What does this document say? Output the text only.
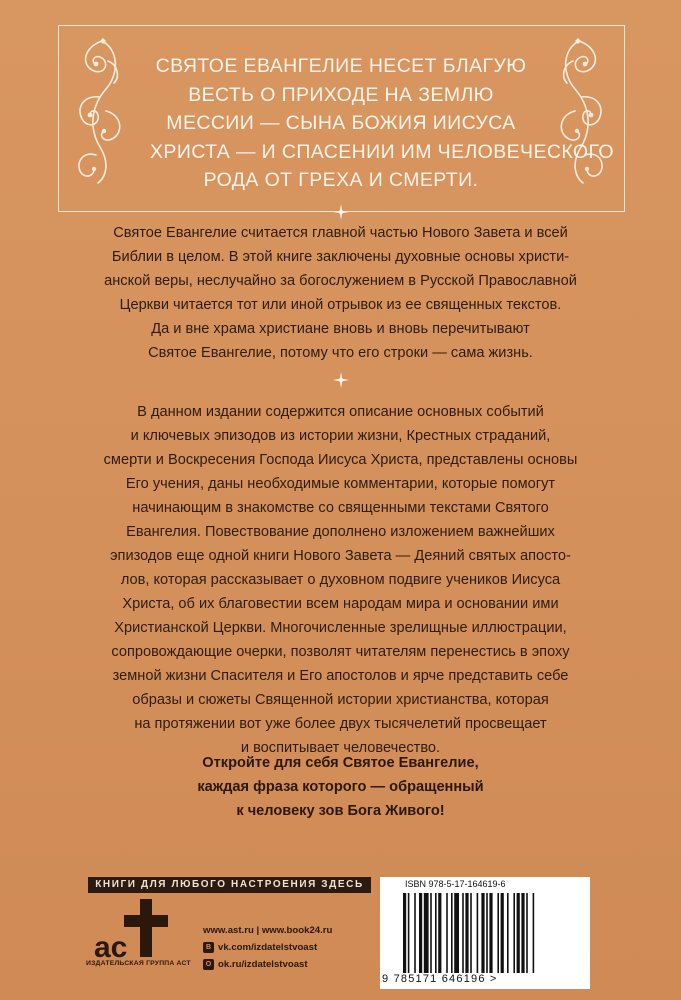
СВЯТОЕ ЕВАНГЕЛИЕ НЕСЕТ БЛАГУЮ
ВЕСТЬ О ПРИХОДЕ НА ЗЕМЛЮ
МЕССИИ — СЫНА БОЖИЯ ИИСУСА
ХРИСТА — И СПАСЕНИИ ИМ ЧЕЛОВЕЧЕСКОГО
РОДА ОТ ГРЕХА И СМЕРТИ.
Святое Евангелие считается главной частью Нового Завета и всей
Библии в целом. В этой книге заключены духовные основы христи-
анской веры, неслучайно за богослужением в Русской Православной
Церкви читается тот или иной отрывок из ее священных текстов.
Да и вне храма христиане вновь и вновь перечитывают
Святое Евангелие, потому что его строки — сама жизнь.
В данном издании содержится описание основных событий
и ключевых эпизодов из истории жизни, Крестных страданий,
смерти и Воскресения Господа Иисуса Христа, представлены основы
Его учения, даны необходимые комментарии, которые помогут
начинающим в знакомстве со священными текстами Святого
Евангелия. Повествование дополнено изложением важнейших
эпизодов еще одной книги Нового Завета — Деяний святых апосто-
лов, которая рассказывает о духовном подвиге учеников Иисуса
Христа, об их благовестии всем народам мира и основании ими
Христианской Церкви. Многочисленные зрелищные иллюстрации,
сопровождающие очерки, позволят читателям перенестись в эпоху
земной жизни Спасителя и Его апостолов и ярче представить себе
образы и сюжеты Священной истории христианства, которая
на протяжении вот уже более двух тысячелетий просвещает
и воспитывает человечество.
Откройте для себя Святое Евангелие,
каждая фраза которого — обращенный
к человеку зов Бога Живого!
КНИГИ ДЛЯ ЛЮБОГО НАСТРОЕНИЯ ЗДЕСЬ
ac
ИЗДАТЕЛЬСКАЯ ГРУППА АСТ
www.ast.ru | www.book24.ru
B vk.com/izdatelstvoast
O ok.ru/izdatelstvoast
ISBN 978-5-17-164619-6
9 785171 646196 >
